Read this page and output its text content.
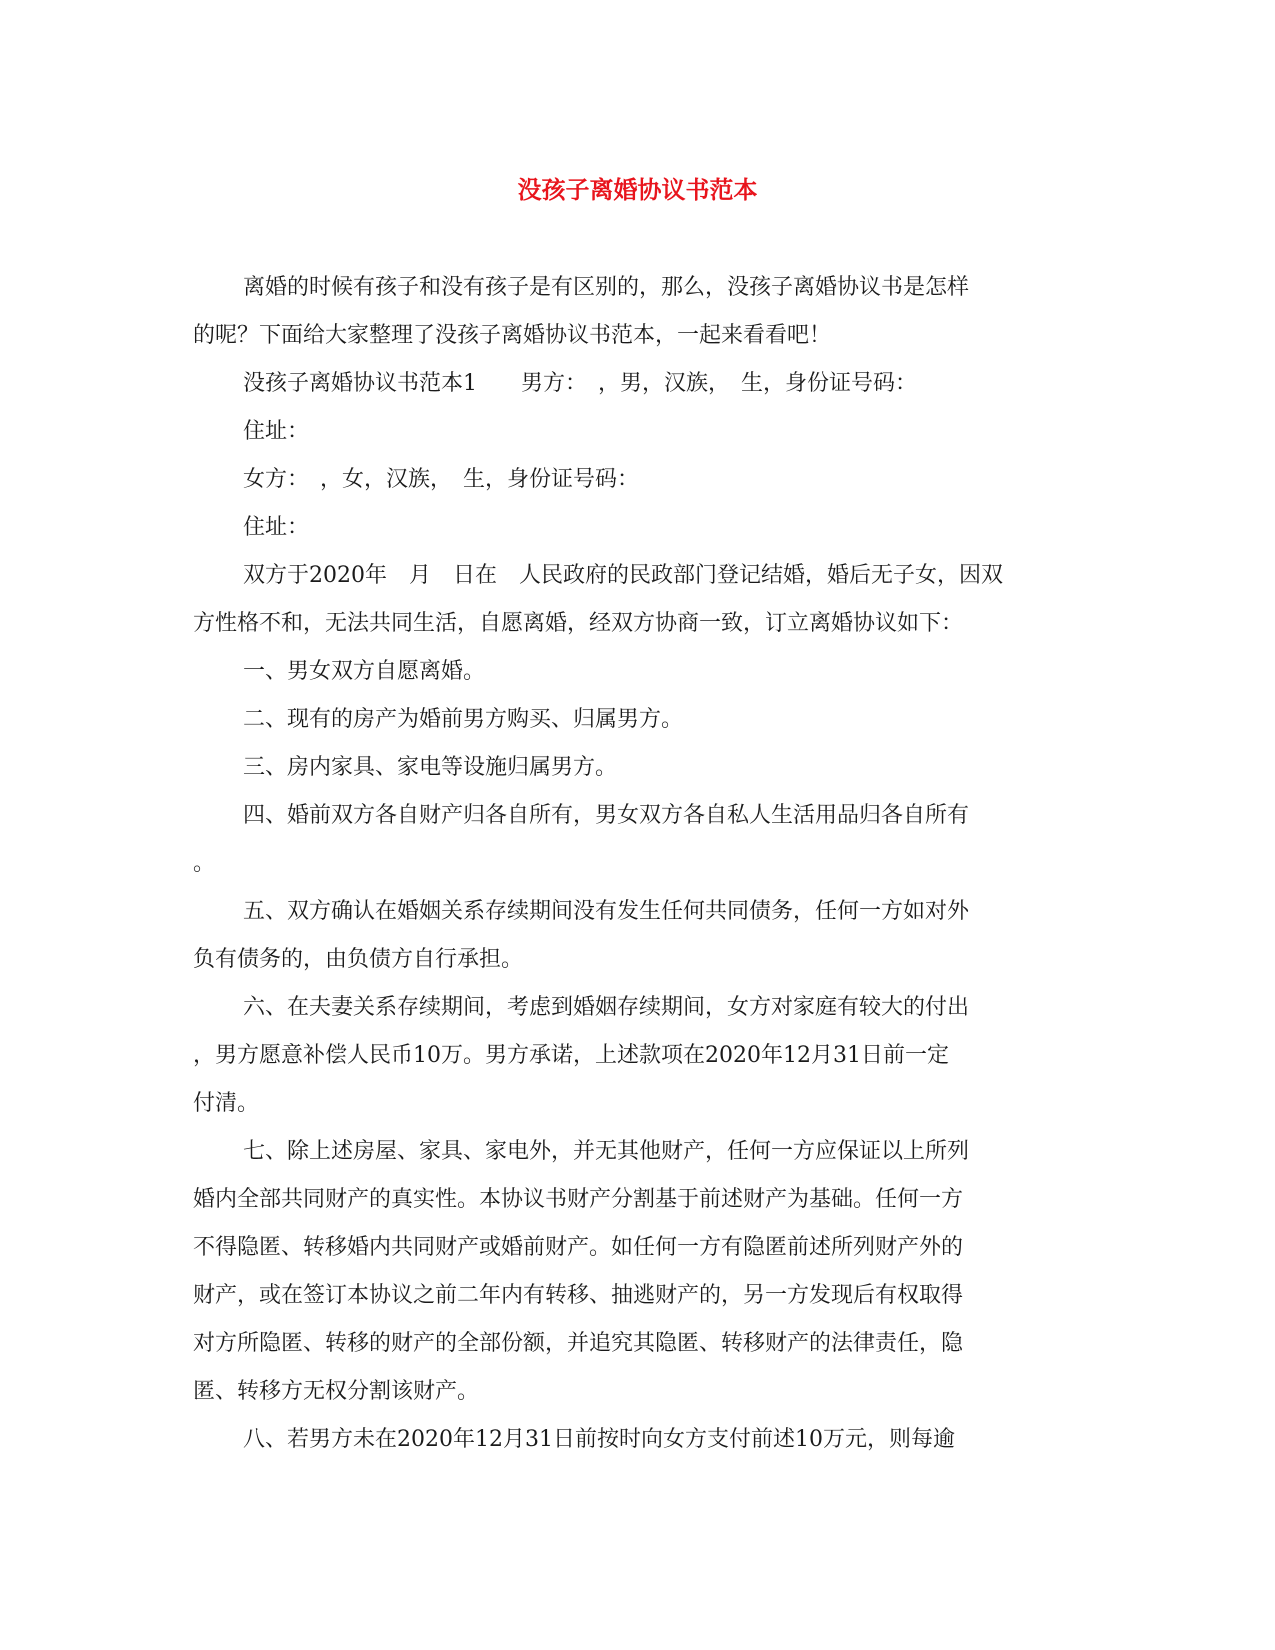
没孩子离婚协议书范本
离婚的时候有孩子和没有孩子是有区别的，那么，没孩子离婚协议书是怎样
的呢？下面给大家整理了没孩子离婚协议书范本，一起来看看吧！
没孩子离婚协议书范本1　　男方：　，男，汉族，　生，身份证号码：
住址：
女方：　，女，汉族，　生，身份证号码：
住址：
双方于2020年　月　日在　人民政府的民政部门登记结婚，婚后无子女，因双
方性格不和，无法共同生活，自愿离婚，经双方协商一致，订立离婚协议如下：
一、男女双方自愿离婚。
二、现有的房产为婚前男方购买、归属男方。
三、房内家具、家电等设施归属男方。
四、婚前双方各自财产归各自所有，男女双方各自私人生活用品归各自所有
。
五、双方确认在婚姻关系存续期间没有发生任何共同债务，任何一方如对外
负有债务的，由负债方自行承担。
六、在夫妻关系存续期间，考虑到婚姻存续期间，女方对家庭有较大的付出
，男方愿意补偿人民币10万。男方承诺，上述款项在2020年12月31日前一定
付清。
七、除上述房屋、家具、家电外，并无其他财产，任何一方应保证以上所列
婚内全部共同财产的真实性。本协议书财产分割基于前述财产为基础。任何一方
不得隐匿、转移婚内共同财产或婚前财产。如任何一方有隐匿前述所列财产外的
财产，或在签订本协议之前二年内有转移、抽逃财产的，另一方发现后有权取得
对方所隐匿、转移的财产的全部份额，并追究其隐匿、转移财产的法律责任，隐
匿、转移方无权分割该财产。
八、若男方未在2020年12月31日前按时向女方支付前述10万元，则每逾
